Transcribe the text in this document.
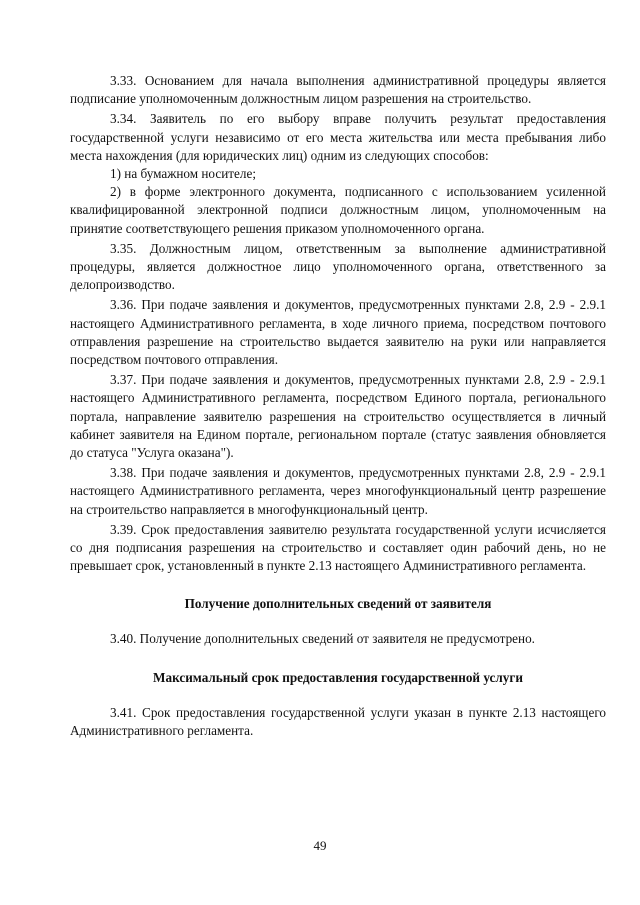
3.33. Основанием для начала выполнения административной процедуры является подписание уполномоченным должностным лицом разрешения на строительство.

3.34. Заявитель по его выбору вправе получить результат предоставления государственной услуги независимо от его места жительства или места пребывания либо места нахождения (для юридических лиц) одним из следующих способов:

1) на бумажном носителе;

2) в форме электронного документа, подписанного с использованием усиленной квалифицированной электронной подписи должностным лицом, уполномоченным на принятие соответствующего решения приказом уполномоченного органа.

3.35. Должностным лицом, ответственным за выполнение административной процедуры, является должностное лицо уполномоченного органа, ответственного за делопроизводство.

3.36. При подаче заявления и документов, предусмотренных пунктами 2.8, 2.9 - 2.9.1 настоящего Административного регламента, в ходе личного приема, посредством почтового отправления разрешение на строительство выдается заявителю на руки или направляется посредством почтового отправления.

3.37. При подаче заявления и документов, предусмотренных пунктами 2.8, 2.9 - 2.9.1 настоящего Административного регламента, посредством Единого портала, регионального портала, направление заявителю разрешения на строительство осуществляется в личный кабинет заявителя на Едином портале, региональном портале (статус заявления обновляется до статуса "Услуга оказана").

3.38. При подаче заявления и документов, предусмотренных пунктами 2.8, 2.9 - 2.9.1 настоящего Административного регламента, через многофункциональный центр разрешение на строительство направляется в многофункциональный центр.

3.39. Срок предоставления заявителю результата государственной услуги исчисляется со дня подписания разрешения на строительство и составляет один рабочий день, но не превышает срок, установленный в пункте 2.13 настоящего Административного регламента.

Получение дополнительных сведений от заявителя

3.40. Получение дополнительных сведений от заявителя не предусмотрено.

Максимальный срок предоставления государственной услуги

3.41. Срок предоставления государственной услуги указан в пункте 2.13 настоящего Административного регламента.

49
